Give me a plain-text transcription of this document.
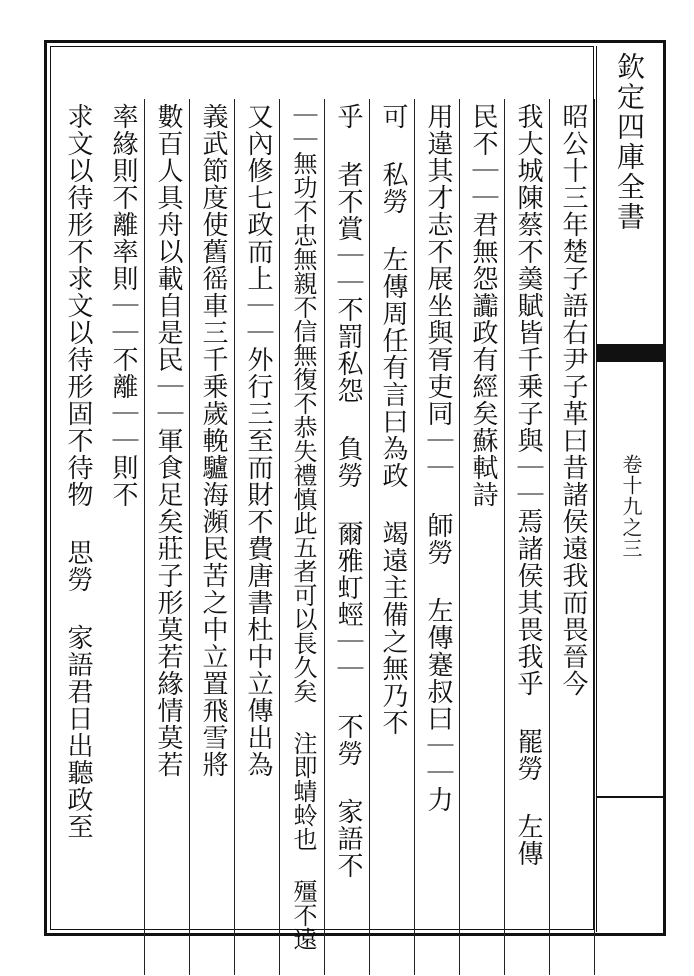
昭公十三年楚子語右尹子革曰昔諸侯遠我而畏晉今
我大城陳蔡不羮賦皆千乗子與｜｜焉諸侯其畏我乎 罷勞 左傳
民不｜｜君無怨讟政有經矣蘇軾詩
用違其才志不展坐與胥吏同｜｜ 師勞 左傳蹇叔曰｜｜力
可 私勞 左傳周任有言曰為政 竭遠主備之無乃不
乎 者不賞｜｜不罰私怨 負勞 爾雅虰蛵｜｜ 不勞 家語不
｜｜無功不忠無親不信無復不恭失禮慎此五者可以長久矣 注即蜻蛉也 殭不遠
又內修七政而上｜｜外行三至而財不費唐書杜中立傳出為
義武節度使舊徭車三千乗歲輓驢海瀕民苦之中立置飛雪將
數百人具舟以載自是民｜｜軍食足矣莊子形莫若緣情莫若
率緣則不離率則｜｜不離｜｜則不
求文以待形不求文以待形固不待物 思勞 家語君日出聽政至	欽定四庫全書
卷十九之三
